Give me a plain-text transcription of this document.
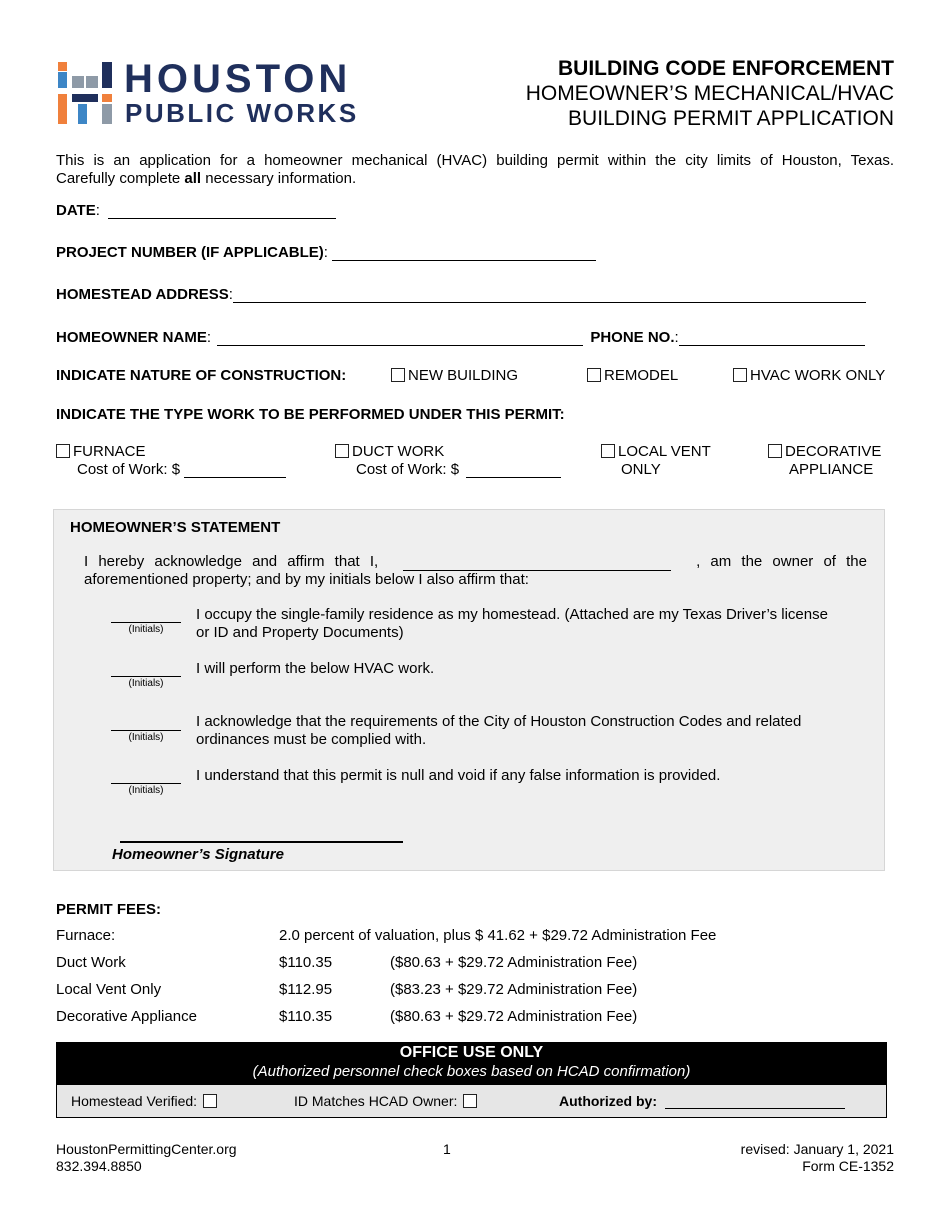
HOUSTON
PUBLIC WORKS
BUILDING CODE ENFORCEMENT
HOMEOWNER’S MECHANICAL/HVAC
BUILDING PERMIT APPLICATION
This is an application for a homeowner mechanical (HVAC) building permit within the city limits of Houston, Texas.
Carefully complete all necessary information.
DATE:
PROJECT NUMBER (IF APPLICABLE):
HOMESTEAD ADDRESS:
HOMEOWNER NAME:	PHONE NO.:
INDICATE NATURE OF CONSTRUCTION:	NEW BUILDING	REMODEL	HVAC WORK ONLY
INDICATE THE TYPE WORK TO BE PERFORMED UNDER THIS PERMIT:
FURNACE
Cost of Work: $
DUCT WORK
Cost of Work: $
LOCAL VENT
ONLY
DECORATIVE
APPLIANCE
HOMEOWNER’S STATEMENT
I hereby acknowledge and affirm that I,	, am the owner of the
aforementioned property; and by my initials below I also affirm that:
(Initials)
I occupy the single-family residence as my homestead. (Attached are my Texas Driver’s license
or ID and Property Documents)
(Initials)
I will perform the below HVAC work.
(Initials)
I acknowledge that the requirements of the City of Houston Construction Codes and related
ordinances must be complied with.
(Initials)
I understand that this permit is null and void if any false information is provided.
Homeowner’s Signature
PERMIT FEES:
Furnace:	2.0 percent of valuation, plus $ 41.62 + $29.72 Administration Fee
Duct Work	$110.35	($80.63 + $29.72 Administration Fee)
Local Vent Only	$112.95	($83.23 + $29.72 Administration Fee)
Decorative Appliance	$110.35	($80.63 + $29.72 Administration Fee)
OFFICE USE ONLY
(Authorized personnel check boxes based on HCAD confirmation)
Homestead Verified:	ID Matches HCAD Owner:	Authorized by:
HoustonPermittingCenter.org
832.394.8850
1	revised: January 1, 2021
Form CE-1352
